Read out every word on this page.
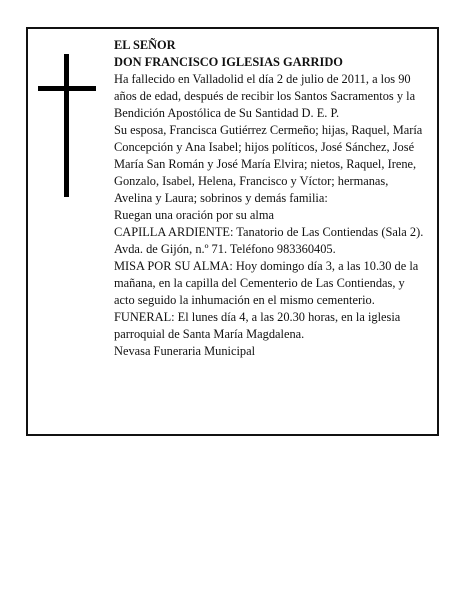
EL SEÑOR

DON FRANCISCO IGLESIAS GARRIDO

Ha fallecido en Valladolid el día 2 de julio de 2011, a los 90 años de edad, después de recibir los Santos Sacramentos y la Bendición Apostólica de Su Santidad D. E. P.

Su esposa, Francisca Gutiérrez Cermeño; hijas, Raquel, María Concepción y Ana Isabel; hijos políticos, José Sánchez, José María San Román y José María Elvira; nietos, Raquel, Irene, Gonzalo, Isabel, Helena, Francisco y Víctor; hermanas, Avelina y Laura; sobrinos y demás familia:

Ruegan una oración por su alma

CAPILLA ARDIENTE: Tanatorio de Las Contiendas (Sala 2). Avda. de Gijón, n.º 71. Teléfono 983360405.

MISA POR SU ALMA: Hoy domingo día 3, a las 10.30 de la mañana, en la capilla del Cementerio de Las Contiendas, y acto seguido la inhumación en el mismo cementerio.

FUNERAL: El lunes día 4, a las 20.30 horas, en la iglesia parroquial de Santa María Magdalena.

Nevasa Funeraria Municipal
